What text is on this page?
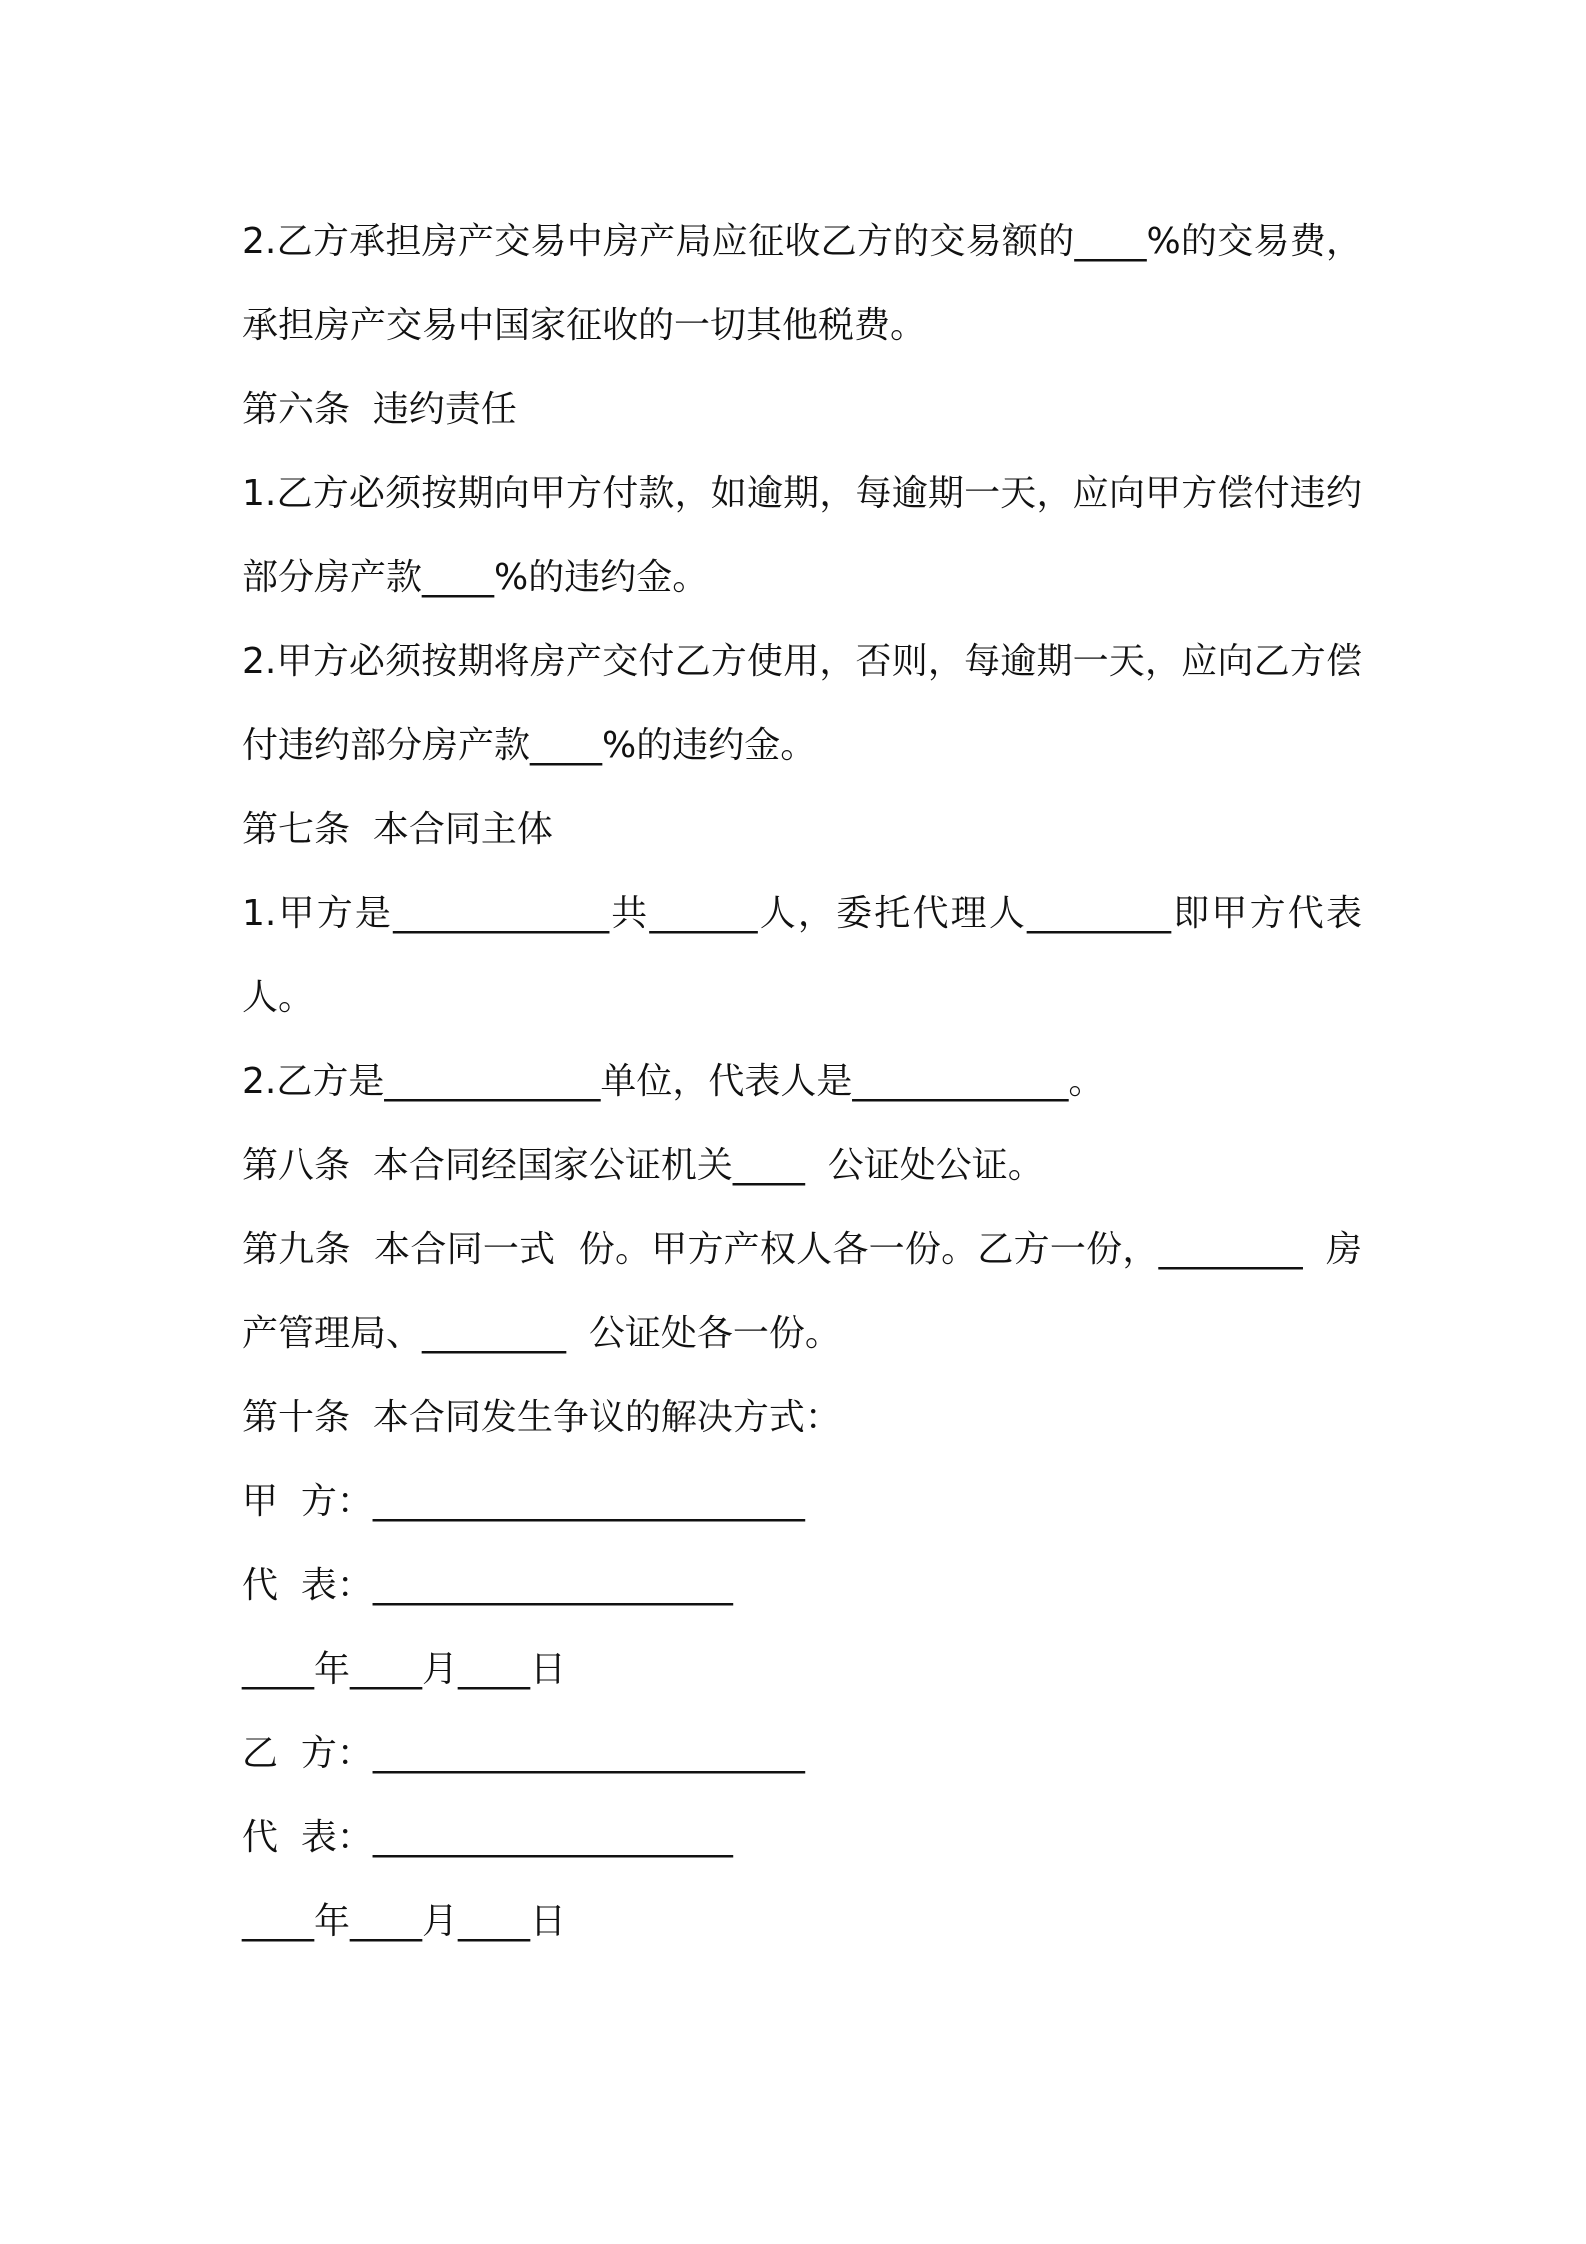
2.乙方承担房产交易中房产局应征收乙方的交易额的____%的交易费，承担房产交易中国家征收的一切其他税费。

第六条  违约责任

1.乙方必须按期向甲方付款，如逾期，每逾期一天，应向甲方偿付违约部分房产款____%的违约金。

2.甲方必须按期将房产交付乙方使用，否则，每逾期一天，应向乙方偿付违约部分房产款____%的违约金。

第七条  本合同主体

1.甲方是____________共______人，委托代理人________即甲方代表人。

2.乙方是____________单位，代表人是____________。

第八条  本合同经国家公证机关____  公证处公证。

第九条  本合同一式  份。甲方产权人各一份。乙方一份，________  房产管理局、________  公证处各一份。

第十条  本合同发生争议的解决方式：

甲  方：________________________

代  表：____________________

____年____月____日

乙  方：________________________

代  表：____________________

____年____月____日
